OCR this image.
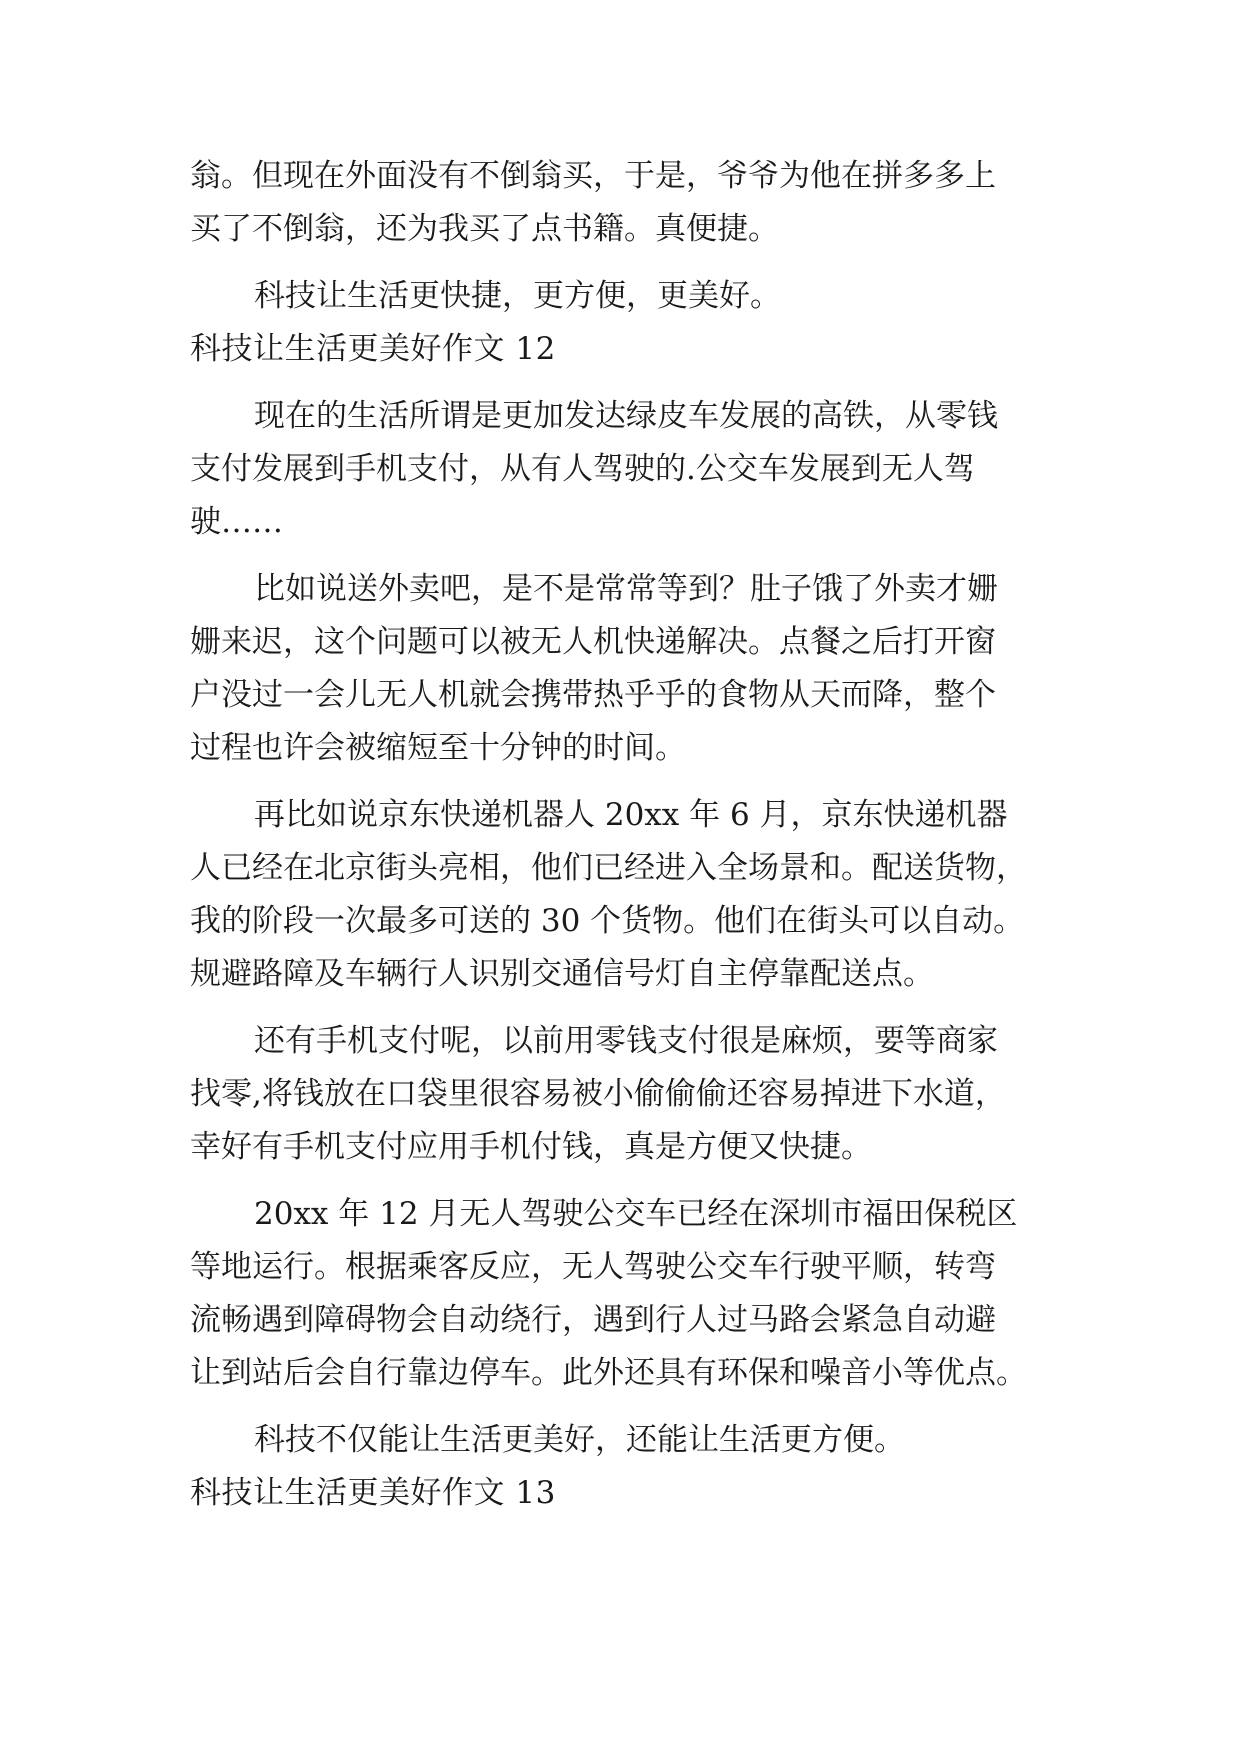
翁。但现在外面没有不倒翁买，于是，爷爷为他在拼多多上
买了不倒翁，还为我买了点书籍。真便捷。
科技让生活更快捷，更方便，更美好。
科技让生活更美好作文 12
现在的生活所谓是更加发达绿皮车发展的高铁，从零钱
支付发展到手机支付，从有人驾驶的.公交车发展到无人驾
驶……
比如说送外卖吧，是不是常常等到？肚子饿了外卖才姗
姗来迟，这个问题可以被无人机快递解决。点餐之后打开窗
户没过一会儿无人机就会携带热乎乎的食物从天而降，整个
过程也许会被缩短至十分钟的时间。
再比如说京东快递机器人 20xx 年 6 月，京东快递机器
人已经在北京街头亮相，他们已经进入全场景和。配送货物，
我的阶段一次最多可送的 30 个货物。他们在街头可以自动。
规避路障及车辆行人识别交通信号灯自主停靠配送点。
还有手机支付呢，以前用零钱支付很是麻烦，要等商家
找零,将钱放在口袋里很容易被小偷偷偷还容易掉进下水道，
幸好有手机支付应用手机付钱，真是方便又快捷。
20xx 年 12 月无人驾驶公交车已经在深圳市福田保税区
等地运行。根据乘客反应，无人驾驶公交车行驶平顺，转弯
流畅遇到障碍物会自动绕行，遇到行人过马路会紧急自动避
让到站后会自行靠边停车。此外还具有环保和噪音小等优点。
科技不仅能让生活更美好，还能让生活更方便。
科技让生活更美好作文 13
